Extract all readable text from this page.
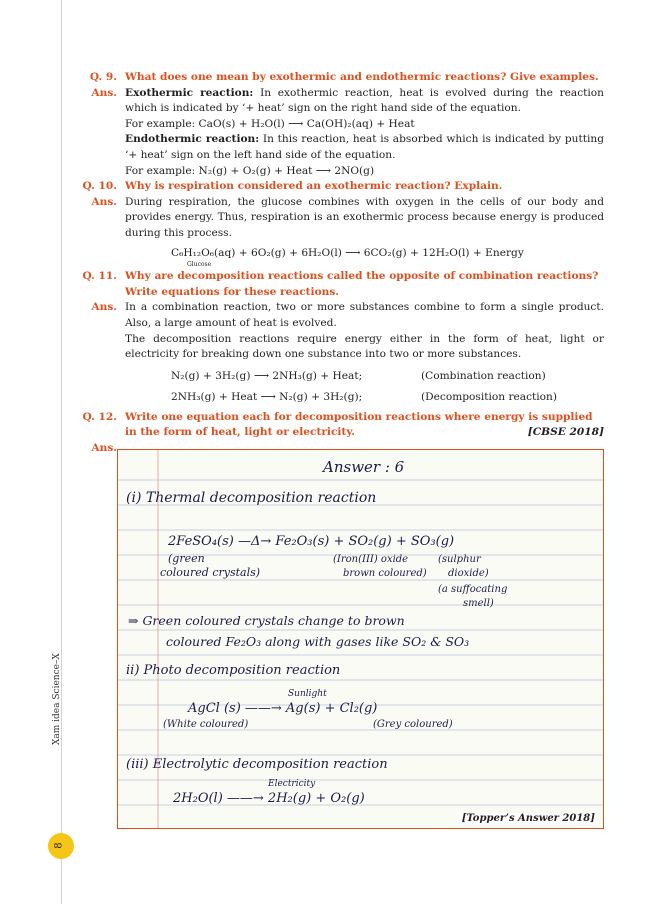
Xam idea Science–X
8
Q. 9. What does one mean by exothermic and endothermic reactions? Give examples.
Ans. Exothermic reaction: In exothermic reaction, heat is evolved during the reaction which is indicated by ‘+ heat’ sign on the right hand side of the equation.

For example: CaO(s) + H₂O(l) ⟶ Ca(OH)₂(aq) + Heat

Endothermic reaction: In this reaction, heat is absorbed which is indicated by putting ‘+ heat’ sign on the left hand side of the equation.

For example: N₂(g) + O₂(g) + Heat ⟶ 2NO(g)

Q. 10. Why is respiration considered an exothermic reaction? Explain.
Ans. During respiration, the glucose combines with oxygen in the cells of our body and provides energy. Thus, respiration is an exothermic process because energy is produced during this process.

C₆H₁₂O₆(aq) + 6O₂(g) + 6H₂O(l) ⟶ 6CO₂(g) + 12H₂O(l) + Energy

Glucose
Q. 11. Why are decomposition reactions called the opposite of combination reactions? Write equations for these reactions.
Ans. In a combination reaction, two or more substances combine to form a single product. Also, a large amount of heat is evolved.

The decomposition reactions require energy either in the form of heat, light or electricity for breaking down one substance into two or more substances.

N₂(g) + 3H₂(g) ⟶ 2NH₃(g) + Heat;	(Combination reaction)
2NH₃(g) + Heat ⟶ N₂(g) + 3H₂(g);	(Decomposition reaction)
Q. 12. Write one equation each for decomposition reactions where energy is supplied in the form of heat, light or electricity.	[CBSE 2018]
Ans.
Answer : 6
(i) Thermal decomposition reaction
2FeSO₄(s) —Δ→ Fe₂O₃(s) + SO₂(g) + SO₃(g)
(green	(Iron(III) oxide	(sulphur
coloured crystals)	brown coloured) dioxide)
(a suffocating
smell)
⇒ Green coloured crystals change to brown
coloured Fe₂O₃ along with gases like SO₂ & SO₃
ii) Photo decomposition reaction
Sunlight
AgCl (s) ——→ Ag(s) + Cl₂(g)
(White coloured)	(Grey coloured)
(iii) Electrolytic decomposition reaction
Electricity
2H₂O(l) ——→ 2H₂(g) + O₂(g)
[Topper’s Answer 2018]
